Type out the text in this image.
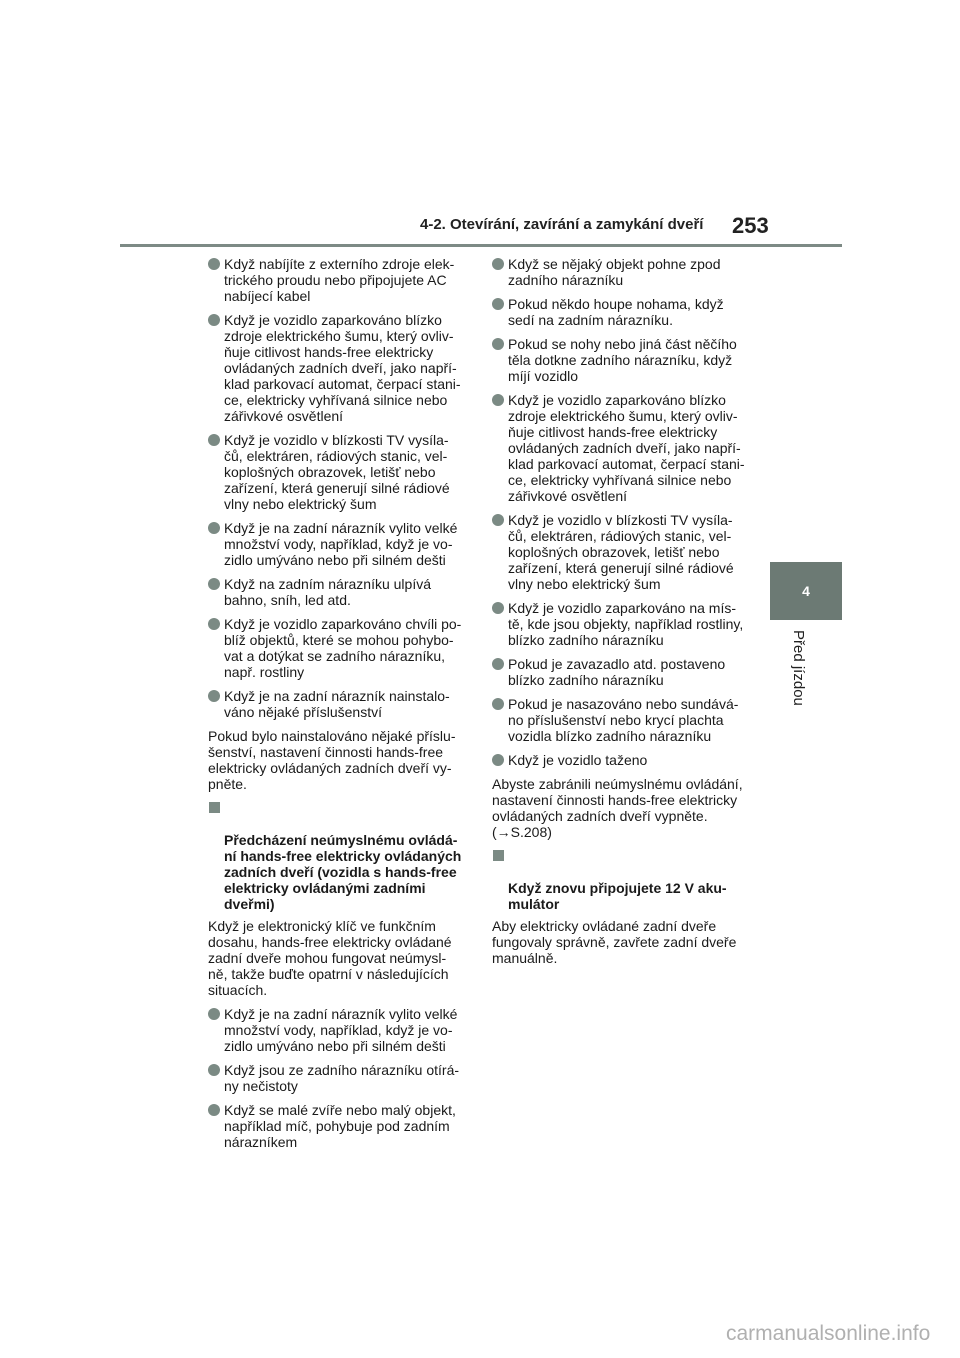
4-2. Otevírání, zavírání a zamykání dveří 253
4
Před jízdou
Když nabíjíte z externího zdroje elek-
trického proudu nebo připojujete AC
nabíjecí kabel
Když je vozidlo zaparkováno blízko
zdroje elektrického šumu, který ovliv-
ňuje citlivost hands-free elektricky
ovládaných zadních dveří, jako napří-
klad parkovací automat, čerpací stani-
ce, elektricky vyhřívaná silnice nebo
zářivkové osvětlení
Když je vozidlo v blízkosti TV vysíla-
čů, elektráren, rádiových stanic, vel-
koplošných obrazovek, letišť nebo
zařízení, která generují silné rádiové
vlny nebo elektrický šum
Když je na zadní nárazník vylito velké
množství vody, například, když je vo-
zidlo umýváno nebo při silném dešti
Když na zadním nárazníku ulpívá
bahno, sníh, led atd.
Když je vozidlo zaparkováno chvíli po-
blíž objektů, které se mohou pohybo-
vat a dotýkat se zadního nárazníku,
např. rostliny
Když je na zadní nárazník nainstalo-
váno nějaké příslušenství

Pokud bylo nainstalováno nějaké příslu-
šenství, nastavení činnosti hands-free
elektricky ovládaných zadních dveří vy-
pněte.

Předcházení neúmyslnému ovládá-
ní hands-free elektricky ovládaných
zadních dveří (vozidla s hands-free
elektricky ovládanými zadními
dveřmi)

Když je elektronický klíč ve funkčním
dosahu, hands-free elektricky ovládané
zadní dveře mohou fungovat neúmysl-
ně, takže buďte opatrní v následujících
situacích.

Když je na zadní nárazník vylito velké
množství vody, například, když je vo-
zidlo umýváno nebo při silném dešti
Když jsou ze zadního nárazníku otírá-
ny nečistoty
Když se malé zvíře nebo malý objekt,
například míč, pohybuje pod zadním
nárazníkem
Když se nějaký objekt pohne zpod
zadního nárazníku
Pokud někdo houpe nohama, když
sedí na zadním nárazníku.
Pokud se nohy nebo jiná část něčího
těla dotkne zadního nárazníku, když
míjí vozidlo
Když je vozidlo zaparkováno blízko
zdroje elektrického šumu, který ovliv-
ňuje citlivost hands-free elektricky
ovládaných zadních dveří, jako napří-
klad parkovací automat, čerpací stani-
ce, elektricky vyhřívaná silnice nebo
zářivkové osvětlení
Když je vozidlo v blízkosti TV vysíla-
čů, elektráren, rádiových stanic, vel-
koplošných obrazovek, letišť nebo
zařízení, která generují silné rádiové
vlny nebo elektrický šum
Když je vozidlo zaparkováno na mís-
tě, kde jsou objekty, například rostliny,
blízko zadního nárazníku
Pokud je zavazadlo atd. postaveno
blízko zadního nárazníku
Pokud je nasazováno nebo sundává-
no příslušenství nebo krycí plachta
vozidla blízko zadního nárazníku
Když je vozidlo taženo

Abyste zabránili neúmyslnému ovládání,
nastavení činnosti hands-free elektricky
ovládaných zadních dveří vypněte.
(→S.208)

Když znovu připojujete 12 V aku-
mulátor

Aby elektricky ovládané zadní dveře
fungovaly správně, zavřete zadní dveře
manuálně.

carmanualsonline.info
